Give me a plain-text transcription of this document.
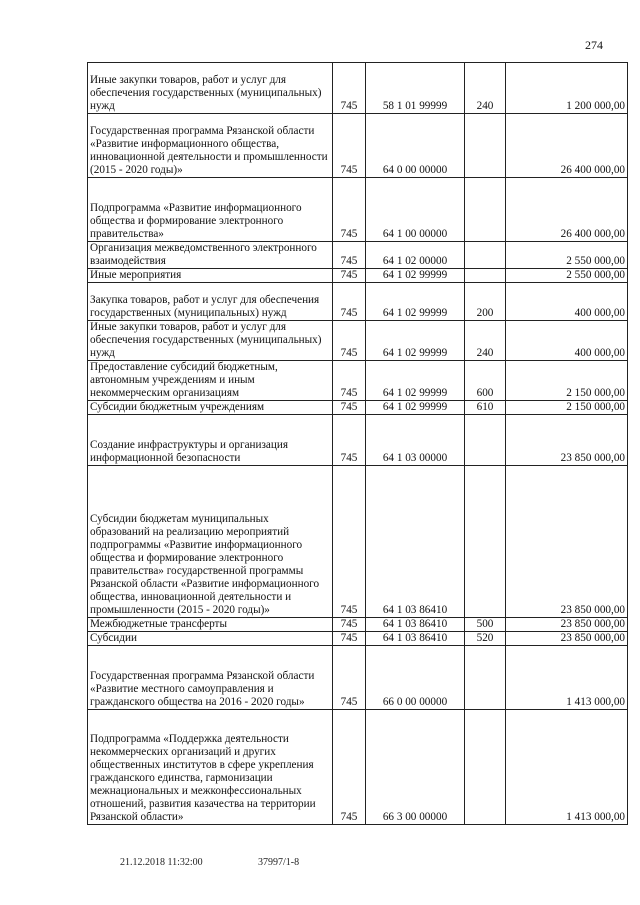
274
Иные закупки товаров, работ и услуг для обеспечения государственных (муниципальных) нужд	745	58 1 01 99999	240	1 200 000,00
Государственная программа Рязанской области «Развитие информационного общества, инновационной деятельности и промышленности (2015 - 2020 годы)»	745	64 0 00 00000		26 400 000,00
Подпрограмма «Развитие информационного общества и формирование электронного правительства»	745	64 1 00 00000		26 400 000,00
Организация межведомственного электронного взаимодействия	745	64 1 02 00000		2 550 000,00
Иные мероприятия	745	64 1 02 99999		2 550 000,00
Закупка товаров, работ и услуг для обеспечения государственных (муниципальных) нужд	745	64 1 02 99999	200	400 000,00
Иные закупки товаров, работ и услуг для обеспечения государственных (муниципальных) нужд	745	64 1 02 99999	240	400 000,00
Предоставление субсидий бюджетным, автономным учреждениям и иным некоммерческим организациям	745	64 1 02 99999	600	2 150 000,00
Субсидии бюджетным учреждениям	745	64 1 02 99999	610	2 150 000,00
Создание инфраструктуры и организация информационной безопасности	745	64 1 03 00000		23 850 000,00
Субсидии бюджетам муниципальных образований на реализацию мероприятий подпрограммы «Развитие информационного общества и формирование электронного правительства» государственной программы Рязанской области «Развитие информационного общества, инновационной деятельности и промышленности (2015 - 2020 годы)»	745	64 1 03 86410		23 850 000,00
Межбюджетные трансферты	745	64 1 03 86410	500	23 850 000,00
Субсидии	745	64 1 03 86410	520	23 850 000,00
Государственная программа Рязанской области «Развитие местного самоуправления и гражданского общества на 2016 - 2020 годы»	745	66 0 00 00000		1 413 000,00
Подпрограмма «Поддержка деятельности некоммерческих организаций и других общественных институтов в сфере укрепления гражданского единства, гармонизации межнациональных и межконфессиональных отношений, развития казачества на территории Рязанской области»	745	66 3 00 00000		1 413 000,00
21.12.2018 11:32:00	37997/1-8
